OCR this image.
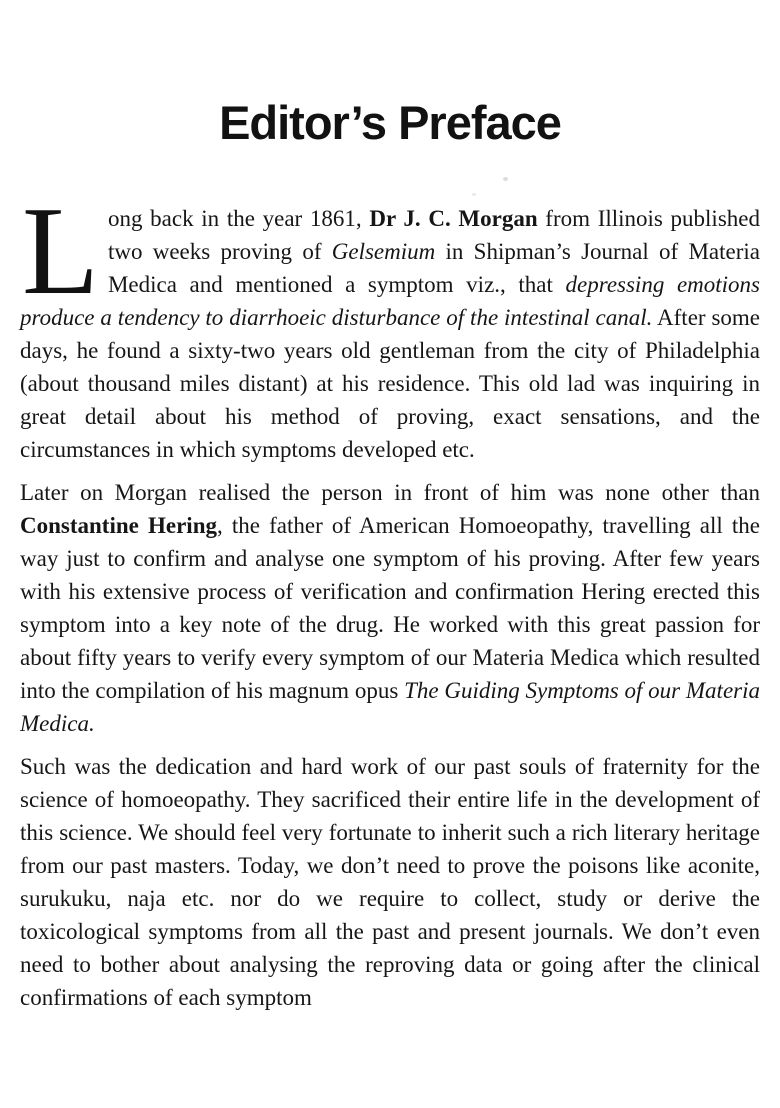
Editor’s Preface

Long back in the year 1861, Dr J. C. Morgan from Illinois published two weeks proving of Gelsemium in Shipman’s Journal of Materia Medica and mentioned a symptom viz., that depressing emotions produce a tendency to diarrhoeic disturbance of the intestinal canal. After some days, he found a sixty-two years old gentleman from the city of Philadelphia (about thousand miles distant) at his residence. This old lad was inquiring in great detail about his method of proving, exact sensations, and the circumstances in which symptoms developed etc.

Later on Morgan realised the person in front of him was none other than Constantine Hering, the father of American Homoeopathy, travelling all the way just to confirm and analyse one symptom of his proving. After few years with his extensive process of verification and confirmation Hering erected this symptom into a key note of the drug. He worked with this great passion for about fifty years to verify every symptom of our Materia Medica which resulted into the compilation of his magnum opus The Guiding Symptoms of our Materia Medica.

Such was the dedication and hard work of our past souls of fraternity for the science of homoeopathy. They sacrificed their entire life in the development of this science. We should feel very fortunate to inherit such a rich literary heritage from our past masters. Today, we don’t need to prove the poisons like aconite, surukuku, naja etc. nor do we require to collect, study or derive the toxicological symptoms from all the past and present journals. We don’t even need to bother about analysing the reproving data or going after the clinical confirmations of each symptom
